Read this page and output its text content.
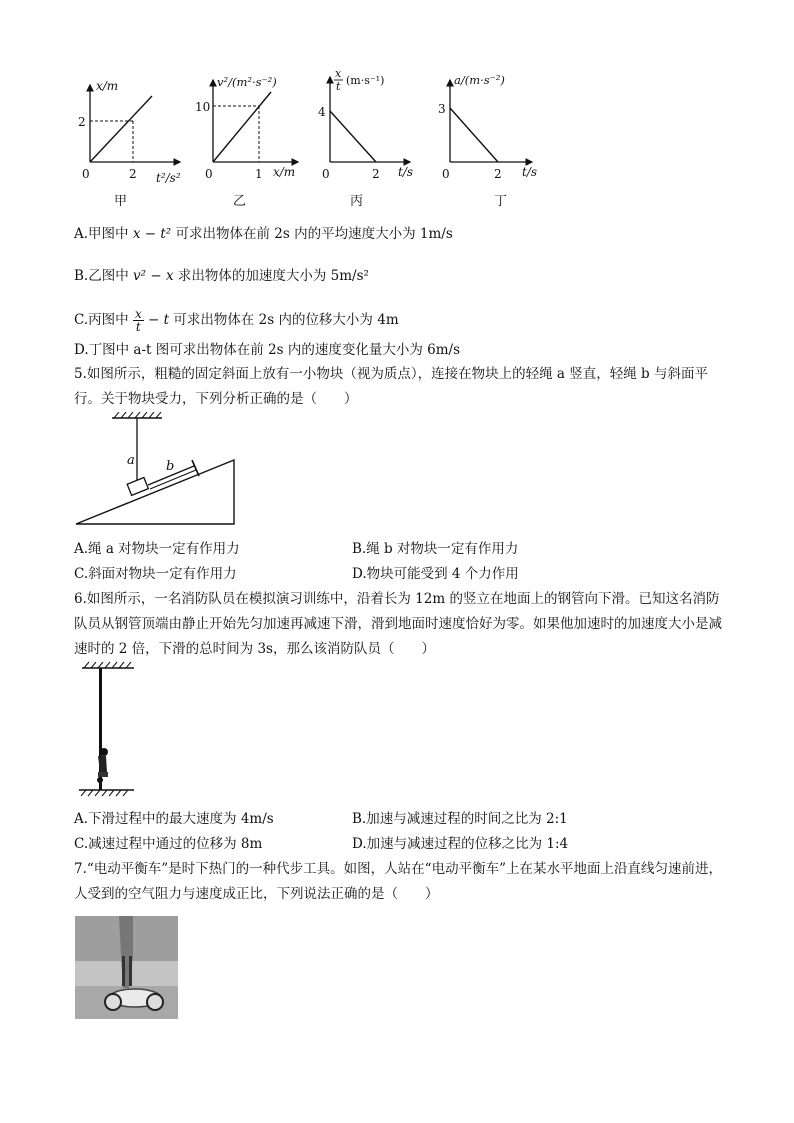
x/m
2
2
0	t²/s²
甲
v²/(m²·s⁻²)
10
1
0	x/m
乙
x
t (m·s⁻¹)
4
2
0	t/s
丙
a/(m·s⁻²)
3
2
0	t/s
丁
A.甲图中 x − t² 可求出物体在前 2s 内的平均速度大小为 1m/s
B.乙图中 v² − x 求出物体的加速度大小为 5m/s²
C.丙图中 $\frac{x}{t} - t$ 可求出物体在 2s 内的位移大小为 4m
D.丁图中 a-t 图可求出物体在前 2s 内的速度变化量大小为 6m/s
5.如图所示，粗糙的固定斜面上放有一小物块（视为质点），连接在物块上的轻绳 a 竖直，轻绳 b 与斜面平行。关于物块受力，下列分析正确的是（　　）
a b
A.绳 a 对物块一定有作用力	B.绳 b 对物块一定有作用力
C.斜面对物块一定有作用力	D.物块可能受到 4 个力作用
6.如图所示，一名消防队员在模拟演习训练中，沿着长为 12m 的竖立在地面上的钢管向下滑。已知这名消防队员从钢管顶端由静止开始先匀加速再减速下滑，滑到地面时速度恰好为零。如果他加速时的加速度大小是减速时的 2 倍，下滑的总时间为 3s，那么该消防队员（　　）
A.下滑过程中的最大速度为 4m/s	B.加速与减速过程的时间之比为 2:1
C.减速过程中通过的位移为 8m	D.加速与减速过程的位移之比为 1:4
7.“电动平衡车”是时下热门的一种代步工具。如图，人站在“电动平衡车”上在某水平地面上沿直线匀速前进，人受到的空气阻力与速度成正比，下列说法正确的是（　　）
